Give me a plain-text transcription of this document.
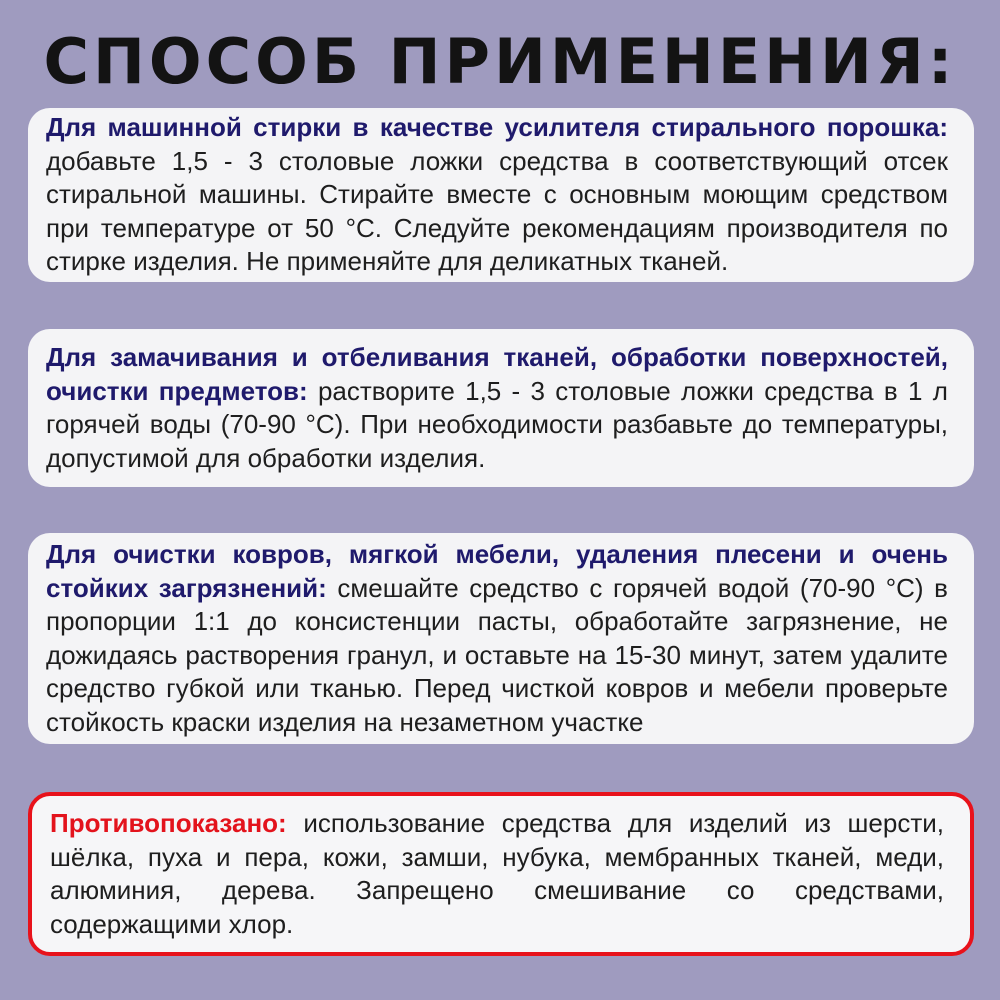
СПОСОБ ПРИМЕНЕНИЯ:

Для машинной стирки в качестве усилителя стирального порошка: добавьте 1,5 - 3 столовые ложки средства в соответствующий отсек стиральной машины. Стирайте вместе с основным моющим средством при температуре от 50 °С. Следуйте рекомендациям производителя по стирке изделия. Не применяйте для деликатных тканей.

Для замачивания и отбеливания тканей, обработки поверхностей, очистки предметов: растворите 1,5 - 3 столовые ложки средства в 1 л горячей воды (70-90 °С). При необходимости разбавьте до температуры, допустимой для обработки изделия.

Для очистки ковров, мягкой мебели, удаления плесени и очень стойких загрязнений: смешайте средство с горячей водой (70-90 °С) в пропорции 1:1 до консистенции пасты, обработайте загрязнение, не дожидаясь растворения гранул, и оставьте на 15-30 минут, затем удалите средство губкой или тканью. Перед чисткой ковров и мебели проверьте стойкость краски изделия на незаметном участке

Противопоказано: использование средства для изделий из шерсти, шёлка, пуха и пера, кожи, замши, нубука, мембранных тканей, меди, алюминия, дерева. Запрещено смешивание со средствами, содержащими хлор.
